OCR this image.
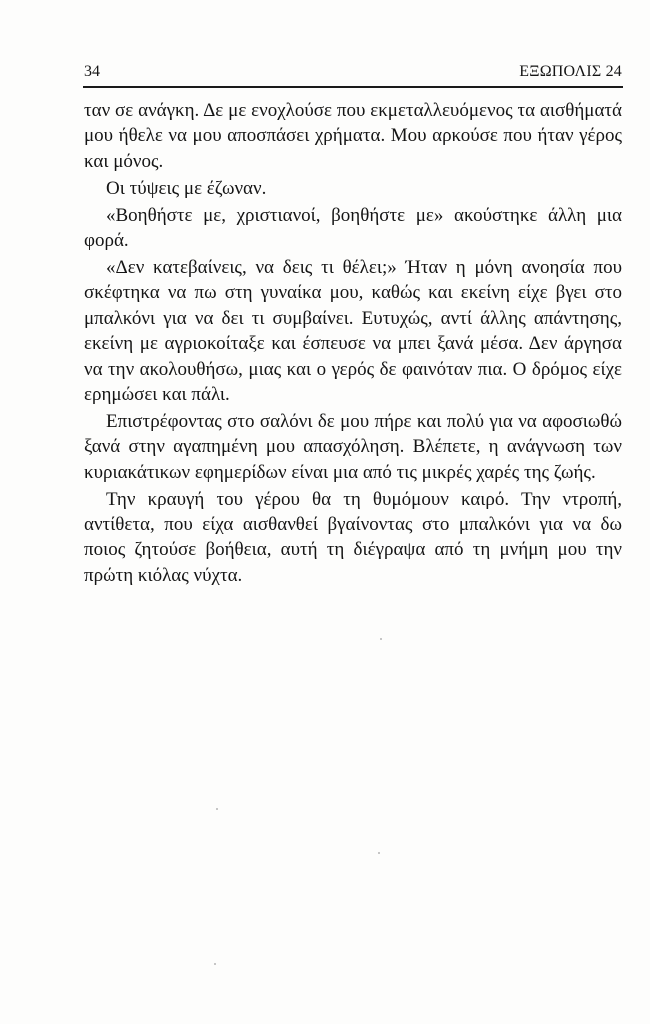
34	ΕΞΩΠΟΛΙΣ 24

ταν σε ανάγκη. Δε με ενοχλούσε που εκμεταλλευόμενος τα αισθήματά μου ήθελε να μου αποσπάσει χρήματα. Μου αρκούσε που ήταν γέρος και μόνος.

Οι τύψεις με έζωναν.

«Βοηθήστε με, χριστιανοί, βοηθήστε με» ακούστηκε άλλη μια φορά.

«Δεν κατεβαίνεις, να δεις τι θέλει;» Ήταν η μόνη ανοησία που σκέφτηκα να πω στη γυναίκα μου, καθώς και εκείνη είχε βγει στο μπαλκόνι για να δει τι συμβαίνει. Ευτυχώς, αντί άλλης απάντησης, εκείνη με αγριοκοίταξε και έσπευσε να μπει ξανά μέσα. Δεν άργησα να την ακολουθήσω, μιας και ο γερός δε φαινόταν πια. Ο δρόμος είχε ερημώσει και πάλι.

Επιστρέφοντας στο σαλόνι δε μου πήρε και πολύ για να αφοσιωθώ ξανά στην αγαπημένη μου απασχόληση. Βλέπετε, η ανάγνωση των κυριακάτικων εφημερίδων είναι μια από τις μικρές χαρές της ζωής.

Την κραυγή του γέρου θα τη θυμόμουν καιρό. Την ντροπή, αντίθετα, που είχα αισθανθεί βγαίνοντας στο μπαλκόνι για να δω ποιος ζητούσε βοήθεια, αυτή τη διέγραψα από τη μνήμη μου την πρώτη κιόλας νύχτα.
